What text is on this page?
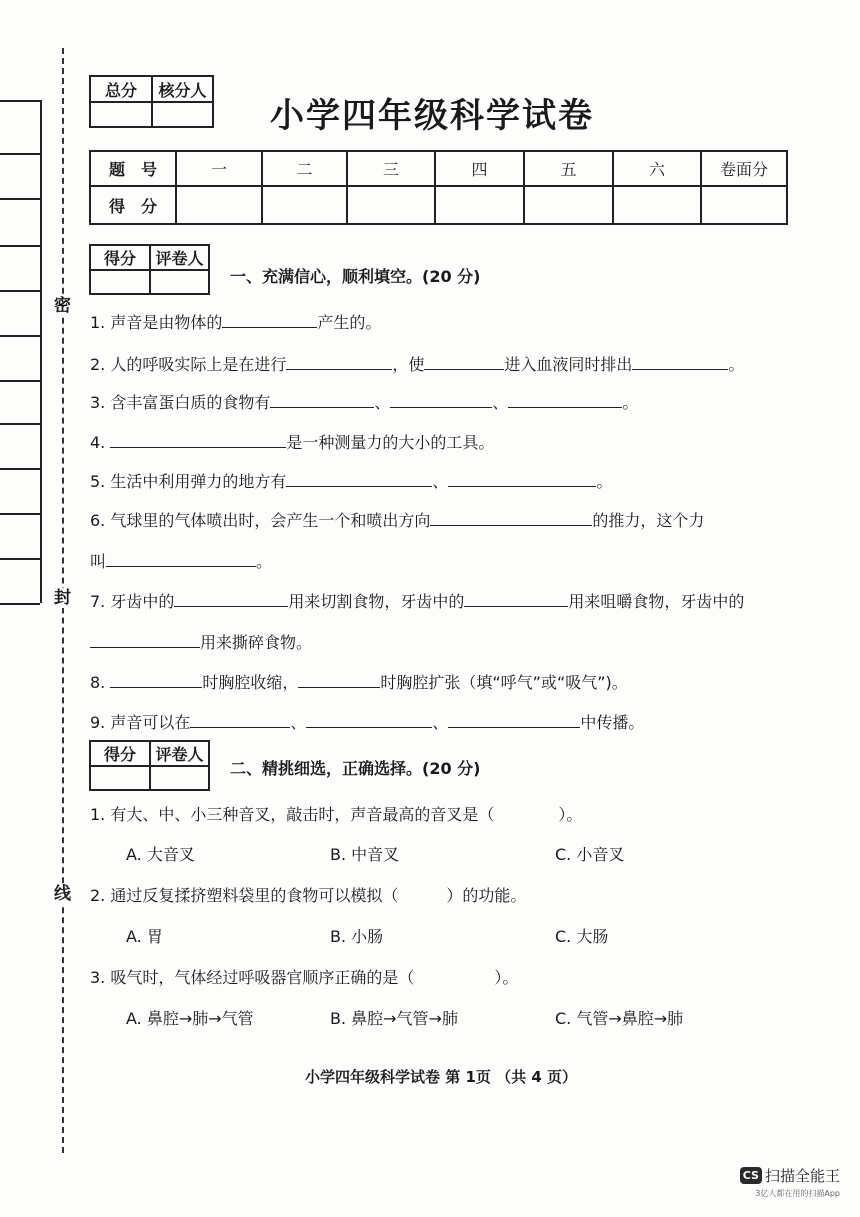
密
封
线
总分	核分人

小学四年级科学试卷
题　号	一	二	三	四	五	六	卷面分
得　分							
得分	评卷人

一、充满信心，顺利填空。(20 分)
1. 声音是由物体的	产生的。
2. 人的呼吸实际上是在进行	，使	进入血液同时排出	。
3. 含丰富蛋白质的食物有	、	、	。
4.	是一种测量力的大小的工具。
5. 生活中利用弹力的地方有	、	。
6. 气球里的气体喷出时，会产生一个和喷出方向	的推力，这个力
叫	。
7. 牙齿中的	用来切割食物，牙齿中的	用来咀嚼食物，牙齿中的
用来撕碎食物。
8.	时胸腔收缩，	时胸腔扩张（填“呼气”或“吸气”)。
9. 声音可以在	、	、	中传播。
得分	评卷人

二、精挑细选，正确选择。(20 分)
1. 有大、中、小三种音叉，敲击时，声音最高的音叉是（　　　　）。
A. 大音叉	B. 中音叉	C. 小音叉
2. 通过反复揉挤塑料袋里的食物可以模拟（　　　）的功能。
A. 胃	B. 小肠	C. 大肠
3. 吸气时，气体经过呼吸器官顺序正确的是（　　　　　）。
A. 鼻腔→肺→气管	B. 鼻腔→气管→肺	C. 气管→鼻腔→肺
小学四年级科学试卷 第 1页 （共 4 页）
CS 扫描全能王
3亿人都在用的扫描App
